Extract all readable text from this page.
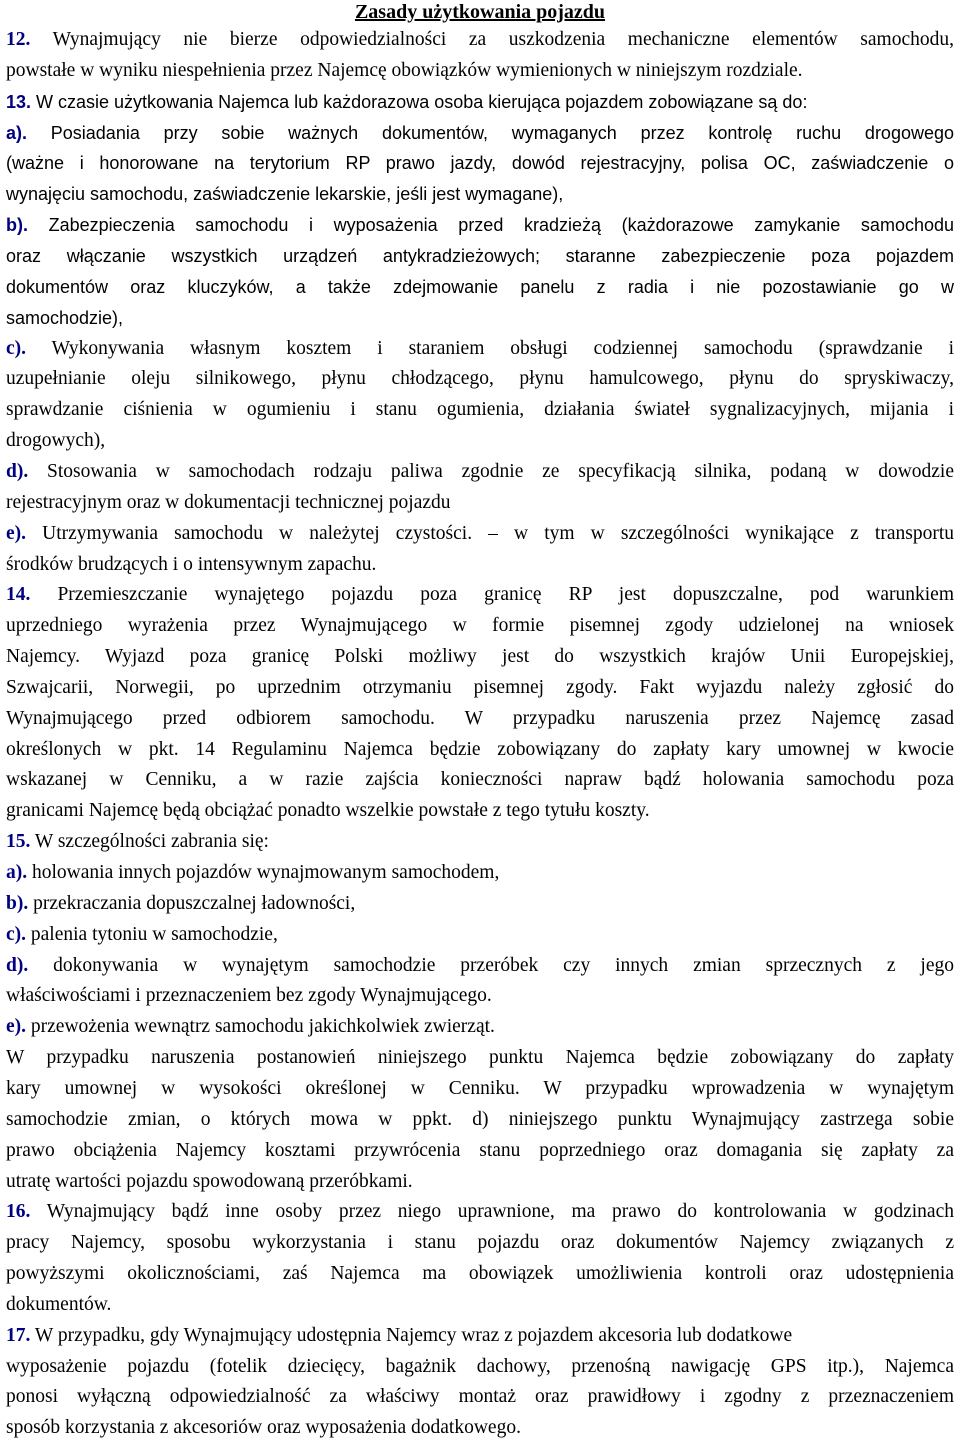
Zasady użytkowania pojazdu
12. Wynajmujący nie bierze odpowiedzialności za uszkodzenia mechaniczne elementów samochodu,
powstałe w wyniku niespełnienia przez Najemcę obowiązków wymienionych w niniejszym rozdziale.
13. W czasie użytkowania Najemca lub każdorazowa osoba kierująca pojazdem zobowiązane są do:
a). Posiadania przy sobie ważnych dokumentów, wymaganych przez kontrolę ruchu drogowego
(ważne i honorowane na terytorium RP prawo jazdy, dowód rejestracyjny, polisa OC, zaświadczenie o
wynajęciu samochodu, zaświadczenie lekarskie, jeśli jest wymagane),
b). Zabezpieczenia samochodu i wyposażenia przed kradzieżą (każdorazowe zamykanie samochodu
oraz włączanie wszystkich urządzeń antykradzieżowych; staranne zabezpieczenie poza pojazdem
dokumentów oraz kluczyków, a także zdejmowanie panelu z radia i nie pozostawianie go w
samochodzie),
c). Wykonywania własnym kosztem i staraniem obsługi codziennej samochodu (sprawdzanie i
uzupełnianie oleju silnikowego, płynu chłodzącego, płynu hamulcowego, płynu do spryskiwaczy,
sprawdzanie ciśnienia w ogumieniu i stanu ogumienia, działania świateł sygnalizacyjnych, mijania i
drogowych),
d). Stosowania w samochodach rodzaju paliwa zgodnie ze specyfikacją silnika, podaną w dowodzie
rejestracyjnym oraz w dokumentacji technicznej pojazdu
e). Utrzymywania samochodu w należytej czystości. – w tym w szczególności wynikające z transportu
środków brudzących i o intensywnym zapachu.
14. Przemieszczanie wynajętego pojazdu poza granicę RP jest dopuszczalne, pod warunkiem
uprzedniego wyrażenia przez Wynajmującego w formie pisemnej zgody udzielonej na wniosek
Najemcy. Wyjazd poza granicę Polski możliwy jest do wszystkich krajów Unii Europejskiej,
Szwajcarii, Norwegii, po uprzednim otrzymaniu pisemnej zgody. Fakt wyjazdu należy zgłosić do
Wynajmującego przed odbiorem samochodu. W przypadku naruszenia przez Najemcę zasad
określonych w pkt. 14 Regulaminu Najemca będzie zobowiązany do zapłaty kary umownej w kwocie
wskazanej w Cenniku, a w razie zajścia konieczności napraw bądź holowania samochodu poza
granicami Najemcę będą obciążać ponadto wszelkie powstałe z tego tytułu koszty.
15. W szczególności zabrania się:
a). holowania innych pojazdów wynajmowanym samochodem,
b). przekraczania dopuszczalnej ładowności,
c). palenia tytoniu w samochodzie,
d). dokonywania w wynajętym samochodzie przeróbek czy innych zmian sprzecznych z jego
właściwościami i przeznaczeniem bez zgody Wynajmującego.
e). przewożenia wewnątrz samochodu jakichkolwiek zwierząt.
W przypadku naruszenia postanowień niniejszego punktu Najemca będzie zobowiązany do zapłaty
kary umownej w wysokości określonej w Cenniku. W przypadku wprowadzenia w wynajętym
samochodzie zmian, o których mowa w ppkt. d) niniejszego punktu Wynajmujący zastrzega sobie
prawo obciążenia Najemcy kosztami przywrócenia stanu poprzedniego oraz domagania się zapłaty za
utratę wartości pojazdu spowodowaną przeróbkami.
16. Wynajmujący bądź inne osoby przez niego uprawnione, ma prawo do kontrolowania w godzinach
pracy Najemcy, sposobu wykorzystania i stanu pojazdu oraz dokumentów Najemcy związanych z
powyższymi okolicznościami, zaś Najemca ma obowiązek umożliwienia kontroli oraz udostępnienia
dokumentów.
17. W przypadku, gdy Wynajmujący udostępnia Najemcy wraz z pojazdem akcesoria lub dodatkowe
wyposażenie pojazdu (fotelik dziecięcy, bagażnik dachowy, przenośną nawigację GPS itp.), Najemca
ponosi wyłączną odpowiedzialność za właściwy montaż oraz prawidłowy i zgodny z przeznaczeniem
sposób korzystania z akcesoriów oraz wyposażenia dodatkowego.
